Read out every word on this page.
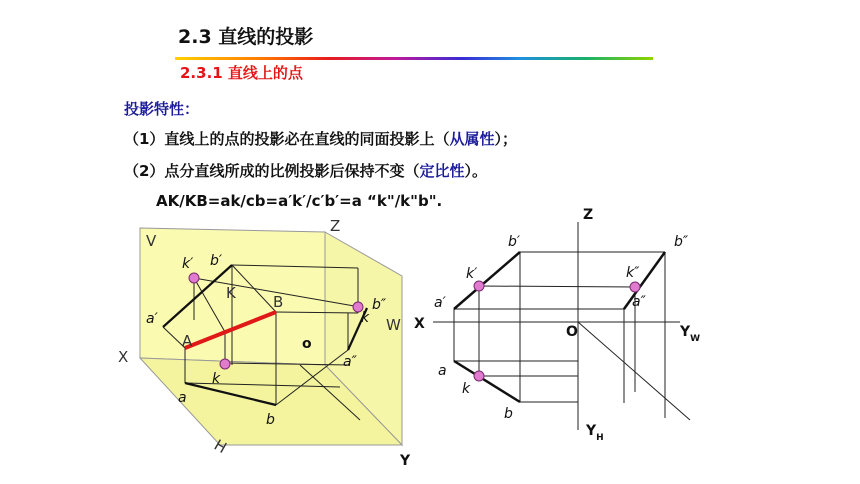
2.3 直线的投影
2.3.1 直线上的点
投影特性：
（1）直线上的点的投影必在直线的同面投影上（从属性）；
（2）点分直线所成的比例投影后保持不变（定比性）。
AK/KB=ak/cb=a′k′/c′b′=a “k"/k"b".
V
Z
W
X
H
Y
o
A
B
K
a′
b′
k′
a
b
k
a″
b″
k
Z
X	O	$Y_W$
$Y_H$
b′
k′
a′
b″
k″
a″
a
k
b
